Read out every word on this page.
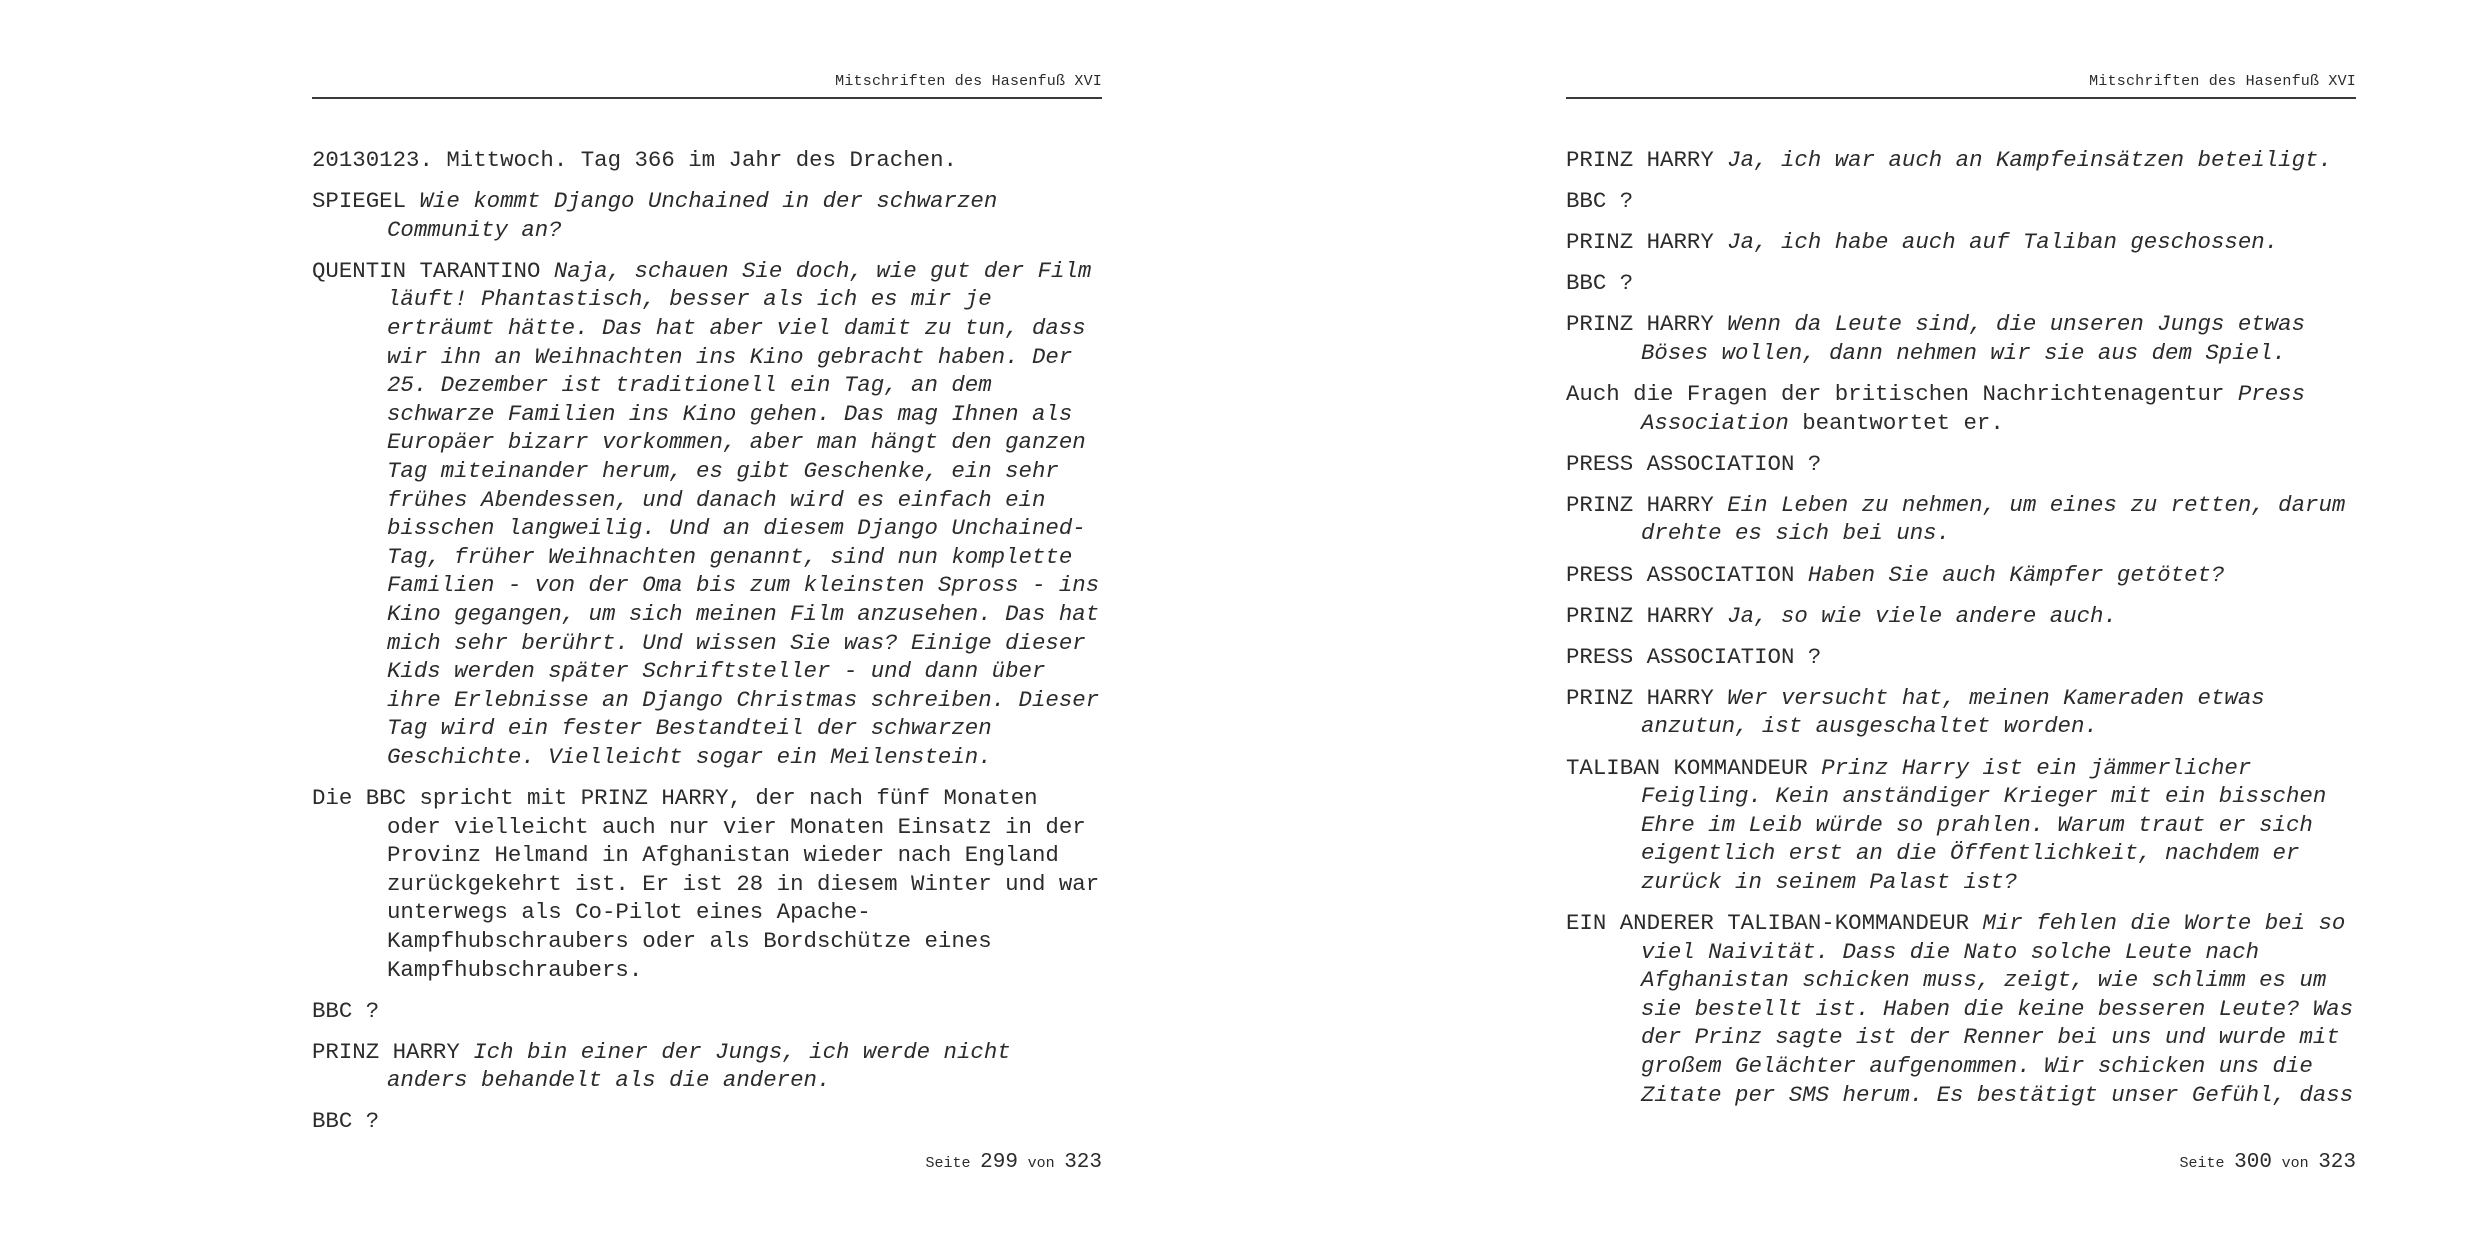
Mitschriften des Hasenfuß XVI

20130123. Mittwoch. Tag 366 im Jahr des Drachen.

SPIEGEL Wie kommt Django Unchained in der schwarzen Community an?

QUENTIN TARANTINO Naja, schauen Sie doch, wie gut der Film läuft! Phantastisch, besser als ich es mir je erträumt hätte. Das hat aber viel damit zu tun, dass wir ihn an Weihnachten ins Kino gebracht haben. Der 25. Dezember ist traditionell ein Tag, an dem schwarze Familien ins Kino gehen. Das mag Ihnen als Europäer bizarr vorkommen, aber man hängt den ganzen Tag miteinander herum, es gibt Geschenke, ein sehr frühes Abendessen, und danach wird es einfach ein bisschen langweilig. Und an diesem Django Unchained-Tag, früher Weihnachten genannt, sind nun komplette Familien - von der Oma bis zum kleinsten Spross - ins Kino gegangen, um sich meinen Film anzusehen. Das hat mich sehr berührt. Und wissen Sie was? Einige dieser Kids werden später Schriftsteller - und dann über ihre Erlebnisse an Django Christmas schreiben. Dieser Tag wird ein fester Bestandteil der schwarzen Geschichte. Vielleicht sogar ein Meilenstein.

Die BBC spricht mit PRINZ HARRY, der nach fünf Monaten oder vielleicht auch nur vier Monaten Einsatz in der Provinz Helmand in Afghanistan wieder nach England zurückgekehrt ist. Er ist 28 in diesem Winter und war unterwegs als Co-Pilot eines Apache-Kampfhubschraubers oder als Bordschütze eines Kampfhubschraubers.

BBC ?

PRINZ HARRY Ich bin einer der Jungs, ich werde nicht anders behandelt als die anderen.

BBC ?

Seite 299 von 323
Mitschriften des Hasenfuß XVI

PRINZ HARRY Ja, ich war auch an Kampfeinsätzen beteiligt.

BBC ?

PRINZ HARRY Ja, ich habe auch auf Taliban geschossen.

BBC ?

PRINZ HARRY Wenn da Leute sind, die unseren Jungs etwas Böses wollen, dann nehmen wir sie aus dem Spiel.

Auch die Fragen der britischen Nachrichtenagentur Press Association beantwortet er.

PRESS ASSOCIATION ?

PRINZ HARRY Ein Leben zu nehmen, um eines zu retten, darum drehte es sich bei uns.

PRESS ASSOCIATION Haben Sie auch Kämpfer getötet?

PRINZ HARRY Ja, so wie viele andere auch.

PRESS ASSOCIATION ?

PRINZ HARRY Wer versucht hat, meinen Kameraden etwas anzutun, ist ausgeschaltet worden.

TALIBAN KOMMANDEUR Prinz Harry ist ein jämmerlicher Feigling. Kein anständiger Krieger mit ein bisschen Ehre im Leib würde so prahlen. Warum traut er sich eigentlich erst an die Öffentlichkeit, nachdem er zurück in seinem Palast ist?

EIN ANDERER TALIBAN-KOMMANDEUR Mir fehlen die Worte bei so viel Naivität. Dass die Nato solche Leute nach Afghanistan schicken muss, zeigt, wie schlimm es um sie bestellt ist. Haben die keine besseren Leute? Was der Prinz sagte ist der Renner bei uns und wurde mit großem Gelächter aufgenommen. Wir schicken uns die Zitate per SMS herum. Es bestätigt unser Gefühl, dass

Seite 300 von 323
